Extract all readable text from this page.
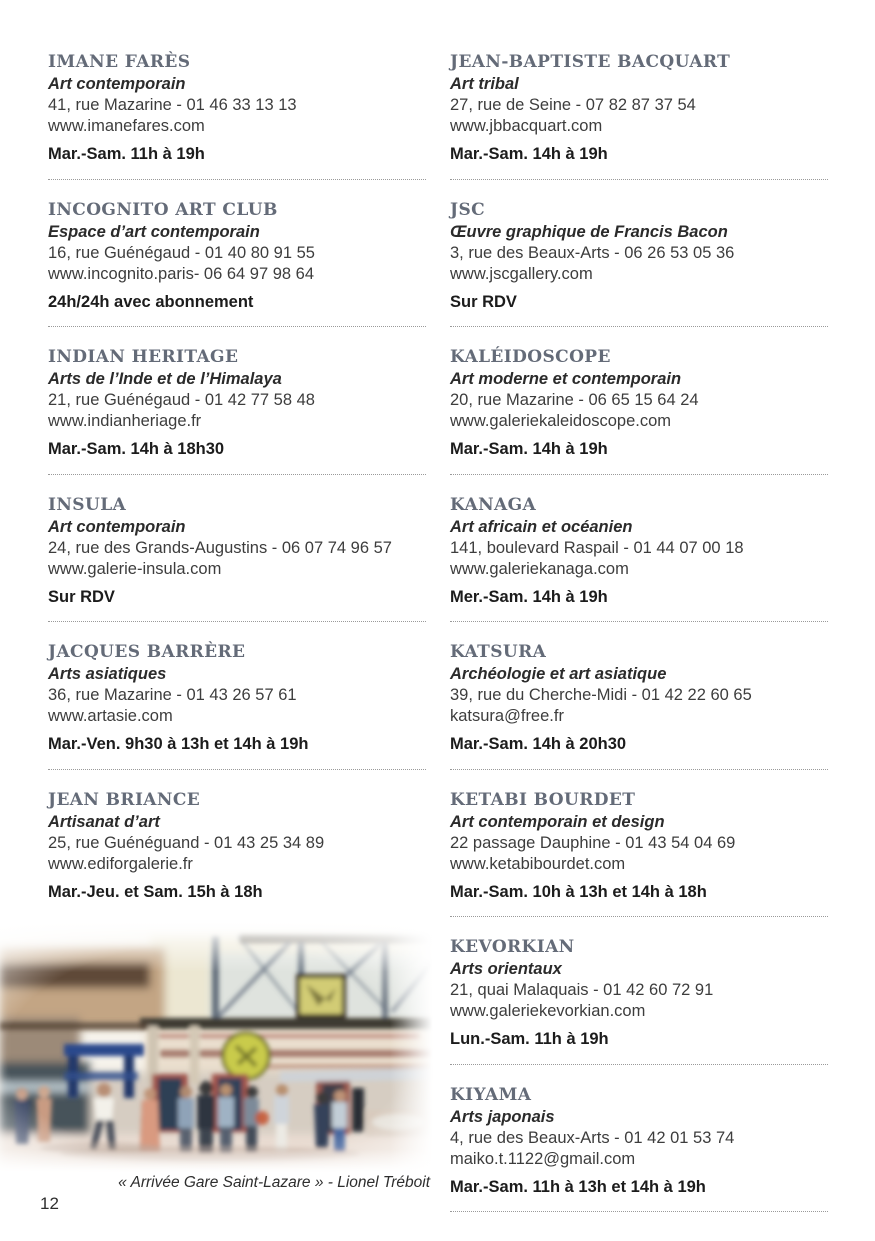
IMANE FARÈS

Art contemporain

41, rue Mazarine - 01 46 33 13 13

www.imanefares.com

Mar.-Sam. 11h à 19h

INCOGNITO ART CLUB

Espace d’art contemporain

16, rue Guénégaud - 01 40 80 91 55

www.incognito.paris- 06 64 97 98 64

24h/24h avec abonnement

INDIAN HERITAGE

Arts de l’Inde et de l’Himalaya

21, rue Guénégaud - 01 42 77 58 48

www.indianheriage.fr

Mar.-Sam. 14h à 18h30

INSULA

Art contemporain

24, rue des Grands-Augustins - 06 07 74 96 57

www.galerie-insula.com

Sur RDV

JACQUES BARRÈRE

Arts asiatiques

36, rue Mazarine - 01 43 26 57 61

www.artasie.com

Mar.-Ven. 9h30 à 13h et 14h à 19h

JEAN BRIANCE

Artisanat d’art

25, rue Guénéguand - 01 43 25 34 89

www.ediforgalerie.fr

Mar.-Jeu. et Sam. 15h à 18h

JEAN-BAPTISTE BACQUART

Art tribal

27, rue de Seine - 07 82 87 37 54

www.jbbacquart.com

Mar.-Sam. 14h à 19h

JSC

Œuvre graphique de Francis Bacon

3, rue des Beaux-Arts - 06 26 53 05 36

www.jscgallery.com

Sur RDV

KALÉIDOSCOPE

Art moderne et contemporain

20, rue Mazarine - 06 65 15 64 24

www.galeriekaleidoscope.com

Mar.-Sam. 14h à 19h

KANAGA

Art africain et océanien

141, boulevard Raspail - 01 44 07 00 18

www.galeriekanaga.com

Mer.-Sam. 14h à 19h

KATSURA

Archéologie et art asiatique

39, rue du Cherche-Midi - 01 42 22 60 65

katsura@free.fr

Mar.-Sam. 14h à 20h30

KETABI BOURDET

Art contemporain et design

22 passage Dauphine - 01 43 54 04 69

www.ketabibourdet.com

Mar.-Sam. 10h à 13h et 14h à 18h

KEVORKIAN

Arts orientaux

21, quai Malaquais - 01 42 60 72 91

www.galeriekevorkian.com

Lun.-Sam. 11h à 19h

KIYAMA

Arts japonais

4, rue des Beaux-Arts - 01 42 01 53 74

maiko.t.1122@gmail.com

Mar.-Sam. 11h à 13h et 14h à 19h

« Arrivée Gare Saint-Lazare » - Lionel Tréboit
12
